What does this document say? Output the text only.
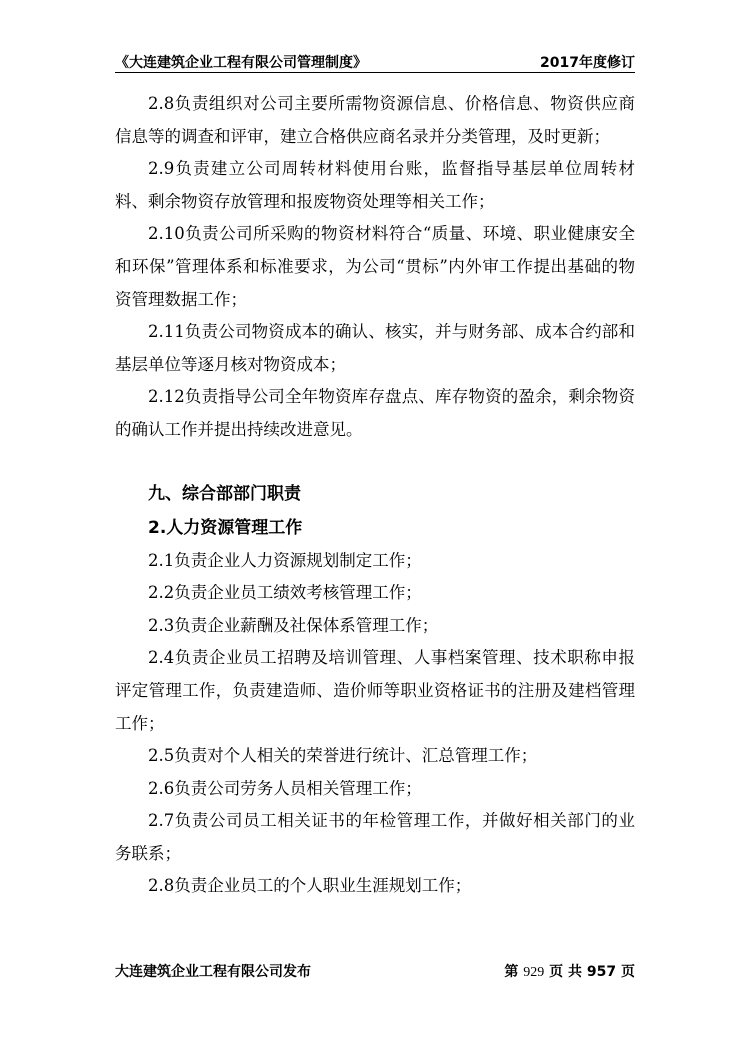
《大连建筑企业工程有限公司管理制度》	2017年度修订

2.8负责组织对公司主要所需物资源信息、价格信息、物资供应商信息等的调查和评审，建立合格供应商名录并分类管理，及时更新；

2.9负责建立公司周转材料使用台账，监督指导基层单位周转材料、剩余物资存放管理和报废物资处理等相关工作；

2.10负责公司所采购的物资材料符合“质量、环境、职业健康安全和环保”管理体系和标准要求，为公司“贯标”内外审工作提出基础的物资管理数据工作；

2.11负责公司物资成本的确认、核实，并与财务部、成本合约部和基层单位等逐月核对物资成本；

2.12负责指导公司全年物资库存盘点、库存物资的盈余，剩余物资的确认工作并提出持续改进意见。

九、综合部部门职责

2.人力资源管理工作

2.1负责企业人力资源规划制定工作；

2.2负责企业员工绩效考核管理工作；

2.3负责企业薪酬及社保体系管理工作；

2.4负责企业员工招聘及培训管理、人事档案管理、技术职称申报评定管理工作，负责建造师、造价师等职业资格证书的注册及建档管理工作；

2.5负责对个人相关的荣誉进行统计、汇总管理工作；

2.6负责公司劳务人员相关管理工作；

2.7负责公司员工相关证书的年检管理工作，并做好相关部门的业务联系；

2.8负责企业员工的个人职业生涯规划工作；

大连建筑企业工程有限公司发布	第 929 页 共 957 页
